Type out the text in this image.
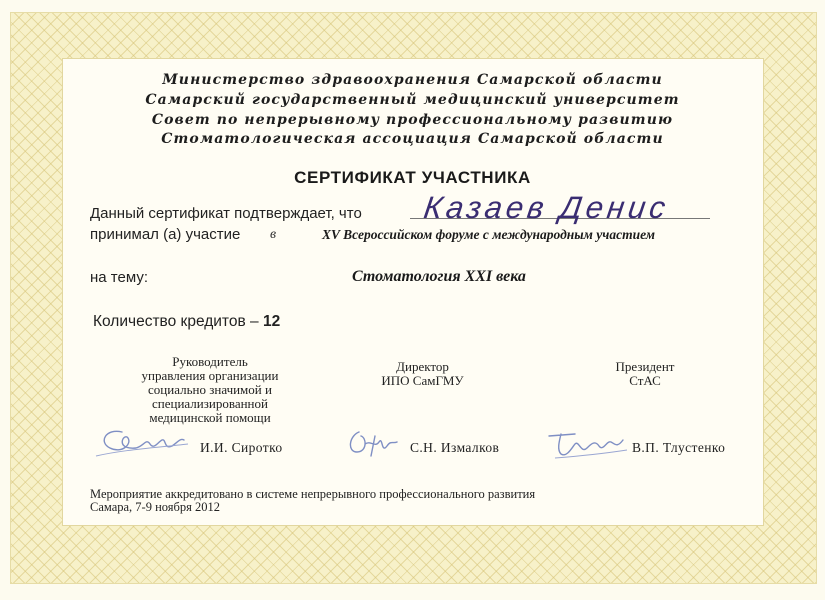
Министерство здравоохранения Самарской области
Самарский государственный медицинский университет
Совет по непрерывному профессиональному развитию
Стоматологическая ассоциация Самарской области
СЕРТИФИКАТ УЧАСТНИКА
Данный сертификат подтверждает, что Казаев Денис
принимал (а) участие в	XV Всероссийском форуме с международным участием
на тему:	Стоматология XXI века
Количество кредитов – 12
Руководитель
управления организации
социально значимой и
специализированной
медицинской помощи
Директор
ИПО СамГМУ
Президент
СтАС
И.И. Сиротко	С.Н. Измалков	В.П. Тлустенко
Мероприятие аккредитовано в системе непрерывного профессионального развития
Самара, 7-9 ноября 2012
